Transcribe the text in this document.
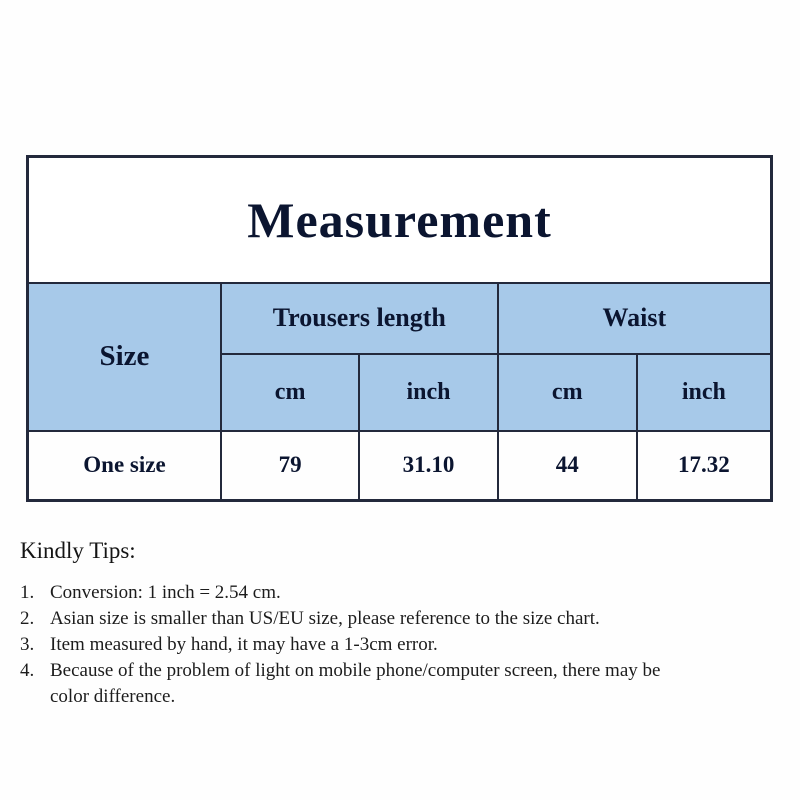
Measurement				
Size	Trousers length		Waist	
	cm	inch	cm	inch
One size	79	31.10	44	17.32
Kindly Tips:
1. Conversion: 1 inch = 2.54 cm.
2. Asian size is smaller than US/EU size, please reference to the size chart.
3. Item measured by hand, it may have a 1-3cm error.
4. Because of the problem of light on mobile phone/computer screen, there may be
color difference.
